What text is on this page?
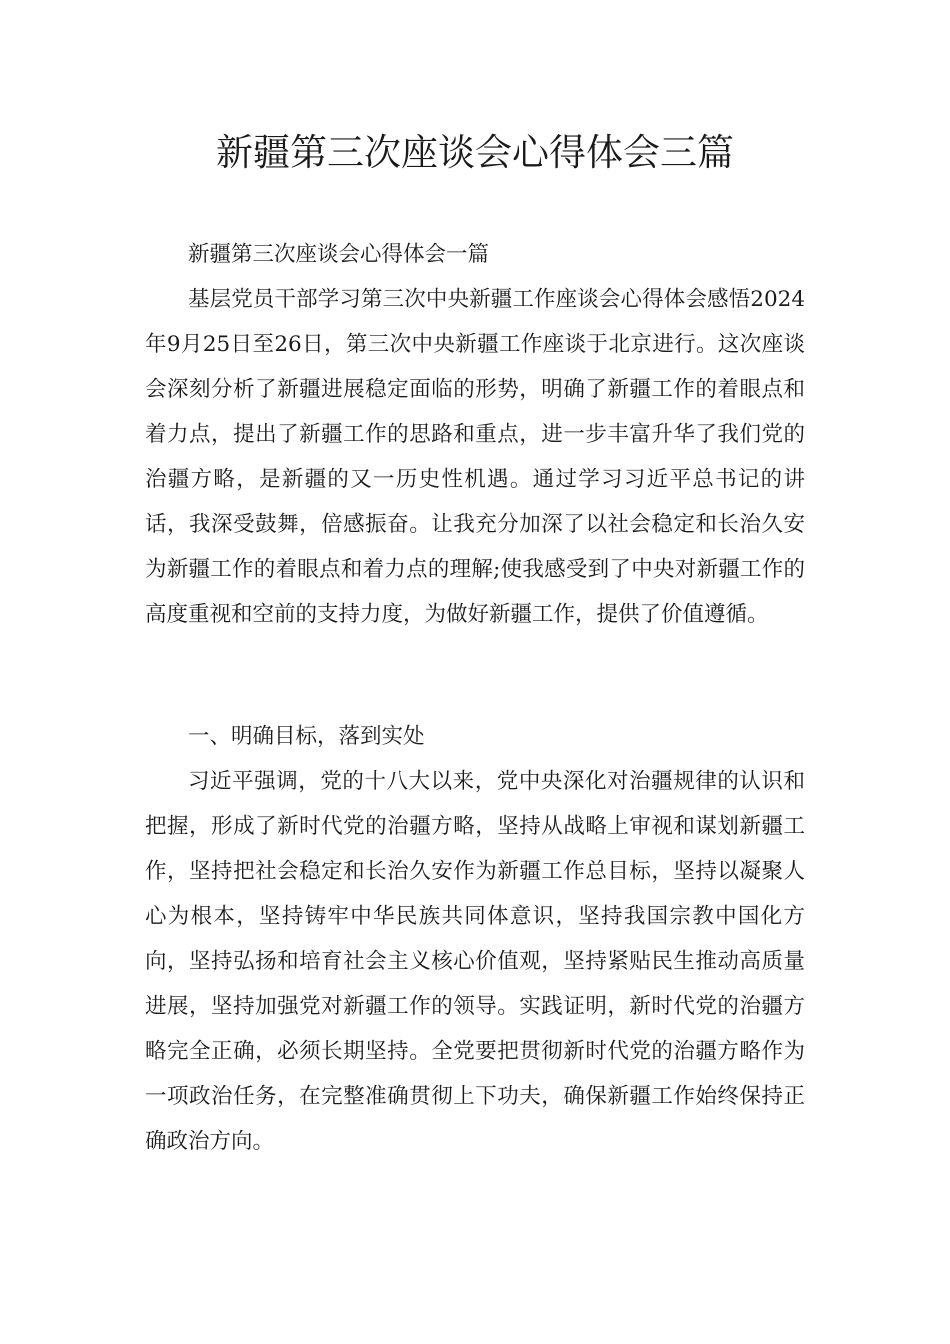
新疆第三次座谈会心得体会三篇

新疆第三次座谈会心得体会一篇

基层党员干部学习第三次中央新疆工作座谈会心得体会感悟2024年9月25日至26日，第三次中央新疆工作座谈于北京进行。这次座谈会深刻分析了新疆进展稳定面临的形势，明确了新疆工作的着眼点和着力点，提出了新疆工作的思路和重点，进一步丰富升华了我们党的治疆方略，是新疆的又一历史性机遇。通过学习习近平总书记的讲话，我深受鼓舞，倍感振奋。让我充分加深了以社会稳定和长治久安为新疆工作的着眼点和着力点的理解;使我感受到了中央对新疆工作的高度重视和空前的支持力度，为做好新疆工作，提供了价值遵循。

一、明确目标，落到实处

习近平强调，党的十八大以来，党中央深化对治疆规律的认识和把握，形成了新时代党的治疆方略，坚持从战略上审视和谋划新疆工作，坚持把社会稳定和长治久安作为新疆工作总目标，坚持以凝聚人心为根本，坚持铸牢中华民族共同体意识，坚持我国宗教中国化方向，坚持弘扬和培育社会主义核心价值观，坚持紧贴民生推动高质量进展，坚持加强党对新疆工作的领导。实践证明，新时代党的治疆方略完全正确，必须长期坚持。全党要把贯彻新时代党的治疆方略作为一项政治任务，在完整准确贯彻上下功夫，确保新疆工作始终保持正确政治方向。
